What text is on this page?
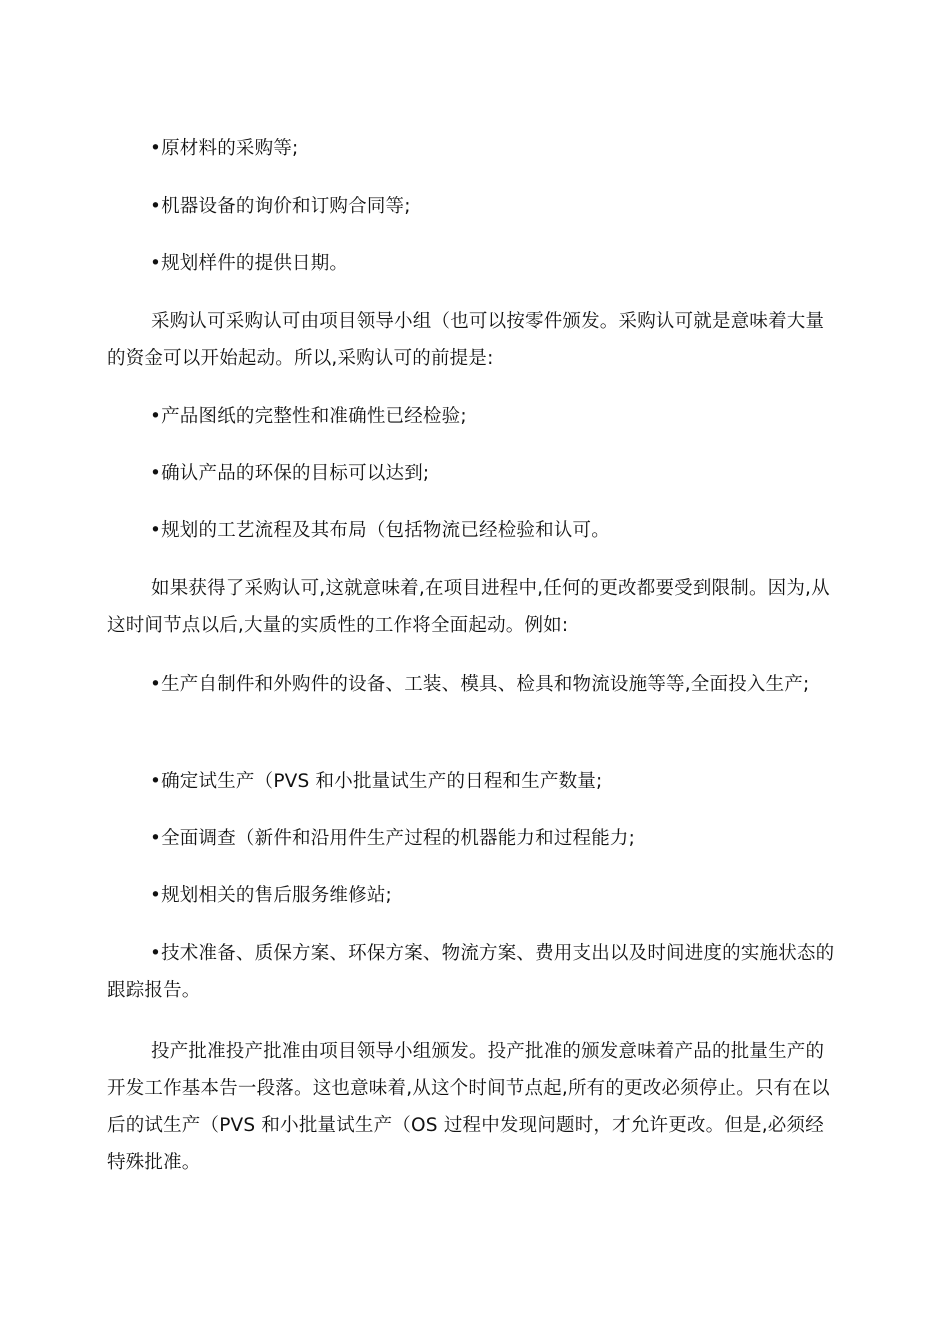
•原材料的采购等;

•机器设备的询价和订购合同等;

•规划样件的提供日期。

采购认可采购认可由项目领导小组（也可以按零件颁发。采购认可就是意味着大量的资金可以开始起动。所以,采购认可的前提是:

•产品图纸的完整性和准确性已经检验;

•确认产品的环保的目标可以达到;

•规划的工艺流程及其布局（包括物流已经检验和认可。

如果获得了采购认可,这就意味着,在项目进程中,任何的更改都要受到限制。因为,从这时间节点以后,大量的实质性的工作将全面起动。例如:

•生产自制件和外购件的设备、工装、模具、检具和物流设施等等,全面投入生产;

•确定试生产（PVS 和小批量试生产的日程和生产数量;

•全面调查（新件和沿用件生产过程的机器能力和过程能力;

•规划相关的售后服务维修站;

•技术准备、质保方案、环保方案、物流方案、费用支出以及时间进度的实施状态的跟踪报告。

投产批准投产批准由项目领导小组颁发。投产批准的颁发意味着产品的批量生产的开发工作基本告一段落。这也意味着,从这个时间节点起,所有的更改必须停止。只有在以后的试生产（PVS 和小批量试生产（OS 过程中发现问题时，才允许更改。但是,必须经特殊批准。
